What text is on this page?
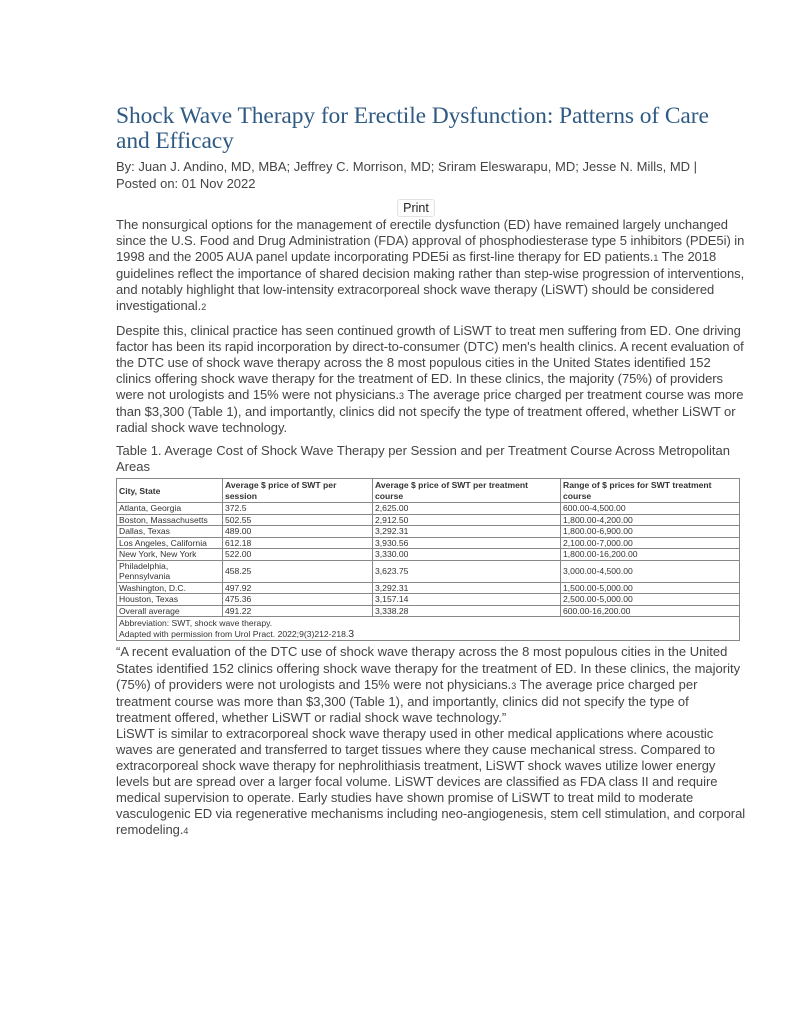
Shock Wave Therapy for Erectile Dysfunction: Patterns of Care and Efficacy
By: Juan J. Andino, MD, MBA; Jeffrey C. Morrison, MD; Sriram Eleswarapu, MD; Jesse N. Mills, MD |
Posted on: 01 Nov 2022
Print

The nonsurgical options for the management of erectile dysfunction (ED) have remained largely unchanged since the U.S. Food and Drug Administration (FDA) approval of phosphodiesterase type 5 inhibitors (PDE5i) in 1998 and the 2005 AUA panel update incorporating PDE5i as first-line therapy for ED patients.1 The 2018 guidelines reflect the importance of shared decision making rather than step-wise progression of interventions, and notably highlight that low-intensity extracorporeal shock wave therapy (LiSWT) should be considered investigational.2

Despite this, clinical practice has seen continued growth of LiSWT to treat men suffering from ED. One driving factor has been its rapid incorporation by direct-to-consumer (DTC) men's health clinics. A recent evaluation of the DTC use of shock wave therapy across the 8 most populous cities in the United States identified 152 clinics offering shock wave therapy for the treatment of ED. In these clinics, the majority (75%) of providers were not urologists and 15% were not physicians.3 The average price charged per treatment course was more than $3,300 (Table 1), and importantly, clinics did not specify the type of treatment offered, whether LiSWT or radial shock wave technology.

Table 1. Average Cost of Shock Wave Therapy per Session and per Treatment Course Across Metropolitan Areas
City, State	Average $ price of SWT per session	Average $ price of SWT per treatment course	Range of $ prices for SWT treatment course
Atlanta, Georgia	372.5	2,625.00	600.00-4,500.00
Boston, Massachusetts	502.55	2,912.50	1,800.00-4,200.00
Dallas, Texas	489.00	3,292.31	1,800.00-6,900.00
Los Angeles, California	612.18	3,930.56	2,100.00-7,000.00
New York, New York	522.00	3,330.00	1,800.00-16,200.00
Philadelphia, Pennsylvania	458.25	3,623.75	3,000.00-4,500.00
Washington, D.C.	497.92	3,292.31	1,500.00-5,000.00
Houston, Texas	475.36	3,157.14	2,500.00-5,000.00
Overall average	491.22	3,338.28	600.00-16,200.00

Abbreviation: SWT, shock wave therapy.
Adapted with permission from Urol Pract. 2022;9(3)212-218.3			
“A recent evaluation of the DTC use of shock wave therapy across the 8 most populous cities in the United States identified 152 clinics offering shock wave therapy for the treatment of ED. In these clinics, the majority (75%) of providers were not urologists and 15% were not physicians.3 The average price charged per treatment course was more than $3,300 (Table 1), and importantly, clinics did not specify the type of treatment offered, whether LiSWT or radial shock wave technology.”

LiSWT is similar to extracorporeal shock wave therapy used in other medical applications where acoustic waves are generated and transferred to target tissues where they cause mechanical stress. Compared to extracorporeal shock wave therapy for nephrolithiasis treatment, LiSWT shock waves utilize lower energy levels but are spread over a larger focal volume. LiSWT devices are classified as FDA class II and require medical supervision to operate. Early studies have shown promise of LiSWT to treat mild to moderate vasculogenic ED via regenerative mechanisms including neo-angiogenesis, stem cell stimulation, and corporal remodeling.4
